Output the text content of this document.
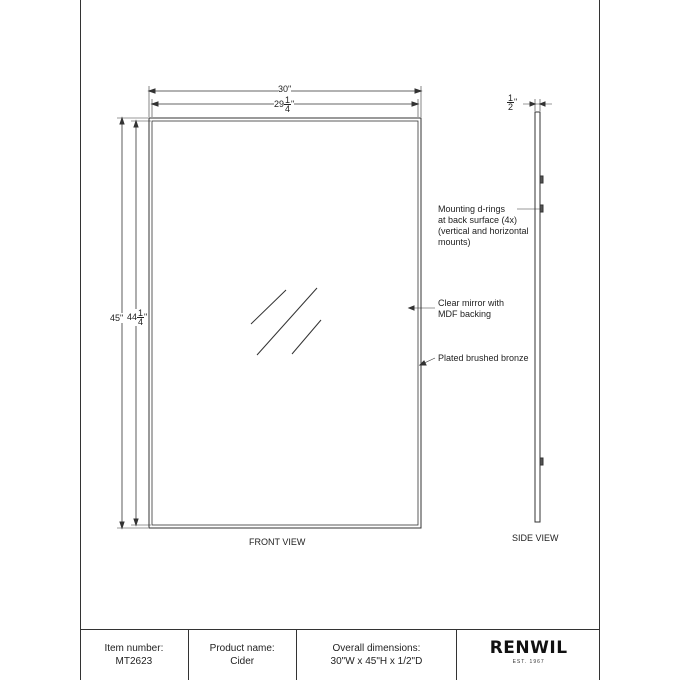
30"
$29 \frac{1}{4}$ "
45" $44 \frac{1}{4}$ "
$\frac{1}{2}$ "
Mounting d-rings
at back surface (4x)
(vertical and horizontal
mounts)
Clear mirror with
MDF backing
Plated brushed bronze
FRONT VIEW	SIDE VIEW
Item number:
MT2623
Product name:
Cider
Overall dimensions:
30"W x 45"H x 1/2"D
RENWIL
EST. 1967
